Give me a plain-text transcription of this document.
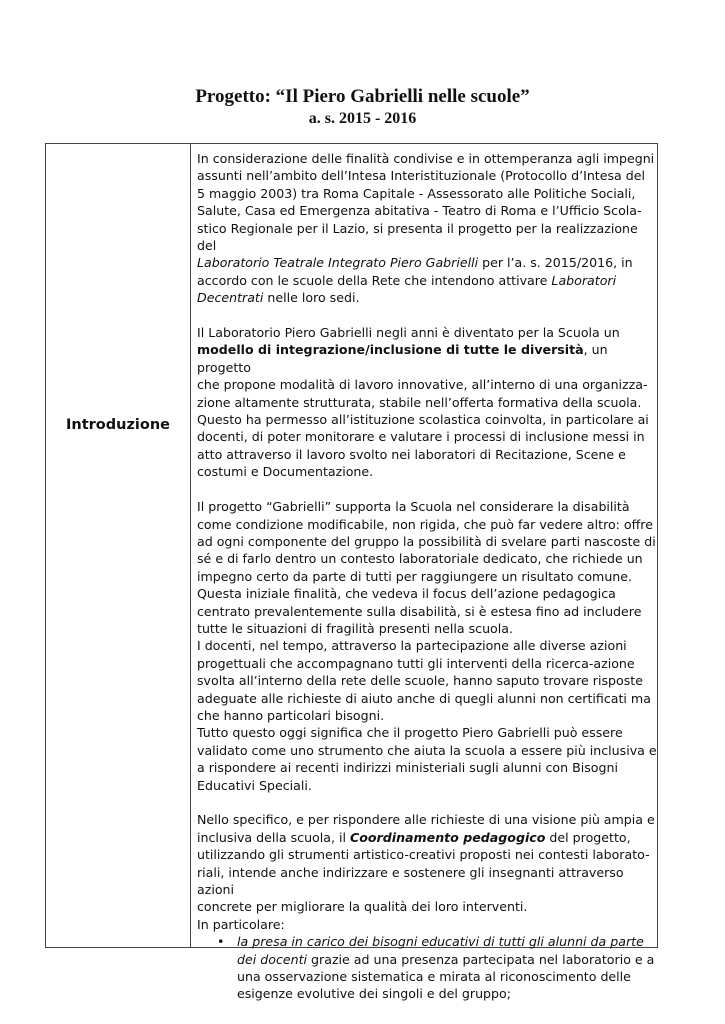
Progetto: “Il Piero Gabrielli nelle scuole”
a. s. 2015 - 2016
Introduzione

In considerazione delle finalità condivise e in ottemperanza agli impegni

assunti nell’ambito dell’Intesa Interistituzionale (Protocollo d’Intesa del

5 maggio 2003) tra Roma Capitale - Assessorato alle Politiche Sociali,

Salute, Casa ed Emergenza abitativa - Teatro di Roma e l’Ufficio Scola-

stico Regionale per il Lazio, si presenta il progetto per la realizzazione del

Laboratorio Teatrale Integrato Piero Gabrielli per l’a. s. 2015/2016, in

accordo con le scuole della Rete che intendono attivare Laboratori

Decentrati nelle loro sedi.

Il Laboratorio Piero Gabrielli negli anni è diventato per la Scuola un

modello di integrazione/inclusione di tutte le diversità, un progetto

che propone modalità di lavoro innovative, all’interno di una organizza-

zione altamente strutturata, stabile nell’offerta formativa della scuola.

Questo ha permesso all’istituzione scolastica coinvolta, in particolare ai

docenti, di poter monitorare e valutare i processi di inclusione messi in

atto attraverso il lavoro svolto nei laboratori di Recitazione, Scene e

costumi e Documentazione.

Il progetto “Gabrielli” supporta la Scuola nel considerare la disabilità

come condizione modificabile, non rigida, che può far vedere altro: offre

ad ogni componente del gruppo la possibilità di svelare parti nascoste di

sé e di farlo dentro un contesto laboratoriale dedicato, che richiede un

impegno certo da parte di tutti per raggiungere un risultato comune.

Questa iniziale finalità, che vedeva il focus dell’azione pedagogica

centrato prevalentemente sulla disabilità, si è estesa fino ad includere

tutte le situazioni di fragilità presenti nella scuola.

I docenti, nel tempo, attraverso la partecipazione alle diverse azioni

progettuali che accompagnano tutti gli interventi della ricerca-azione

svolta all’interno della rete delle scuole, hanno saputo trovare risposte

adeguate alle richieste di aiuto anche di quegli alunni non certificati ma

che hanno particolari bisogni.

Tutto questo oggi significa che il progetto Piero Gabrielli può essere

validato come uno strumento che aiuta la scuola a essere più inclusiva e

a rispondere ai recenti indirizzi ministeriali sugli alunni con Bisogni

Educativi Speciali.

Nello specifico, e per rispondere alle richieste di una visione più ampia e

inclusiva della scuola, il Coordinamento pedagogico del progetto,

utilizzando gli strumenti artistico-creativi proposti nei contesti laborato-

riali, intende anche indirizzare e sostenere gli insegnanti attraverso azioni

concrete per migliorare la qualità dei loro interventi.

In particolare:

• la presa in carico dei bisogni educativi di tutti gli alunni da parte

dei docenti grazie ad una presenza partecipata nel laboratorio e a

una osservazione sistematica e mirata al riconoscimento delle

esigenze evolutive dei singoli e del gruppo;
